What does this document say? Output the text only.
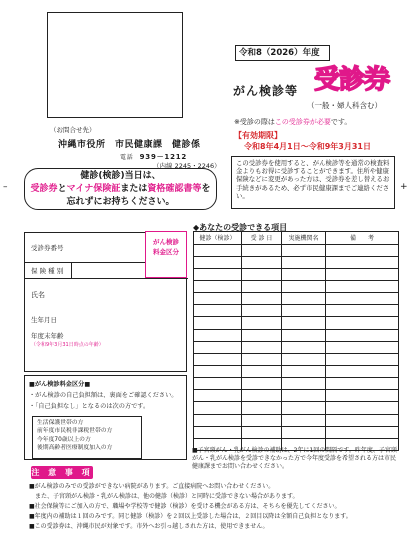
令和8（2026）年度
がん検診等 受診券
（一般・婦人科含む）
※受診の際はこの受診券が必要です。
【有効期限】
令和8年4月1日～令和9年3月31日
この受診券を使用すると、がん検診等を通常の検査料金よりもお得に受診することができます。住所や健康保険などに変更があった方は、受診券を差し替えるお手続きがあるため、必ず市民健康課までご連絡ください。
（お問合せ先）
沖縄市役所　市民健康課　健診係
電話 939－1212
（内線 2245・2246）
–	+
健診(検診)当日は、
受診券とマイナ保険証または資格確認書等を
忘れずにお持ちください。
◆あなたの受診できる項目
健診（検診）	受 診 日	実施機関名	備　　考

受診券番号
保 険 種 別
氏名
生年月日
年度末年齢
（令和9年3月31日時点の年齢）
がん検診
料金区分
■がん検診料金区分■
・がん検診の自己負担額は、裏面をご確認ください。
・「自己負担なし」となるのは次の方です。
生活保護世帯の方
前年度市民税非課税世帯の方
今年度70歳以上の方
後期高齢者医療制度加入の方	■子宮頸がん・乳がん検診の補助は、2年に1回の間隔です。昨年度、子宮頸がん・乳がん検診を受診できなかった方で今年度受診を希望される方は市民健康課までお問い合わせください。
注 意 事 項
■がん検診のみでの受診ができない病院があります。ご直接病院へお問い合わせください。
　また、子宮頸がん検診・乳がん検診は、他の健診（検診）と同時に受診できない場合があります。
■社会保険等にご加入の方で、職場や学校等で健診（検診）を受ける機会がある方は、そちらを優先してください。
■年度内の補助は１回のみです。同じ健診（検診）を２回以上受診した場合は、２回目以降は全額自己負担となります。
■この受診券は、沖縄市民が対象です。市外へお引っ越しされた方は、使用できません。
